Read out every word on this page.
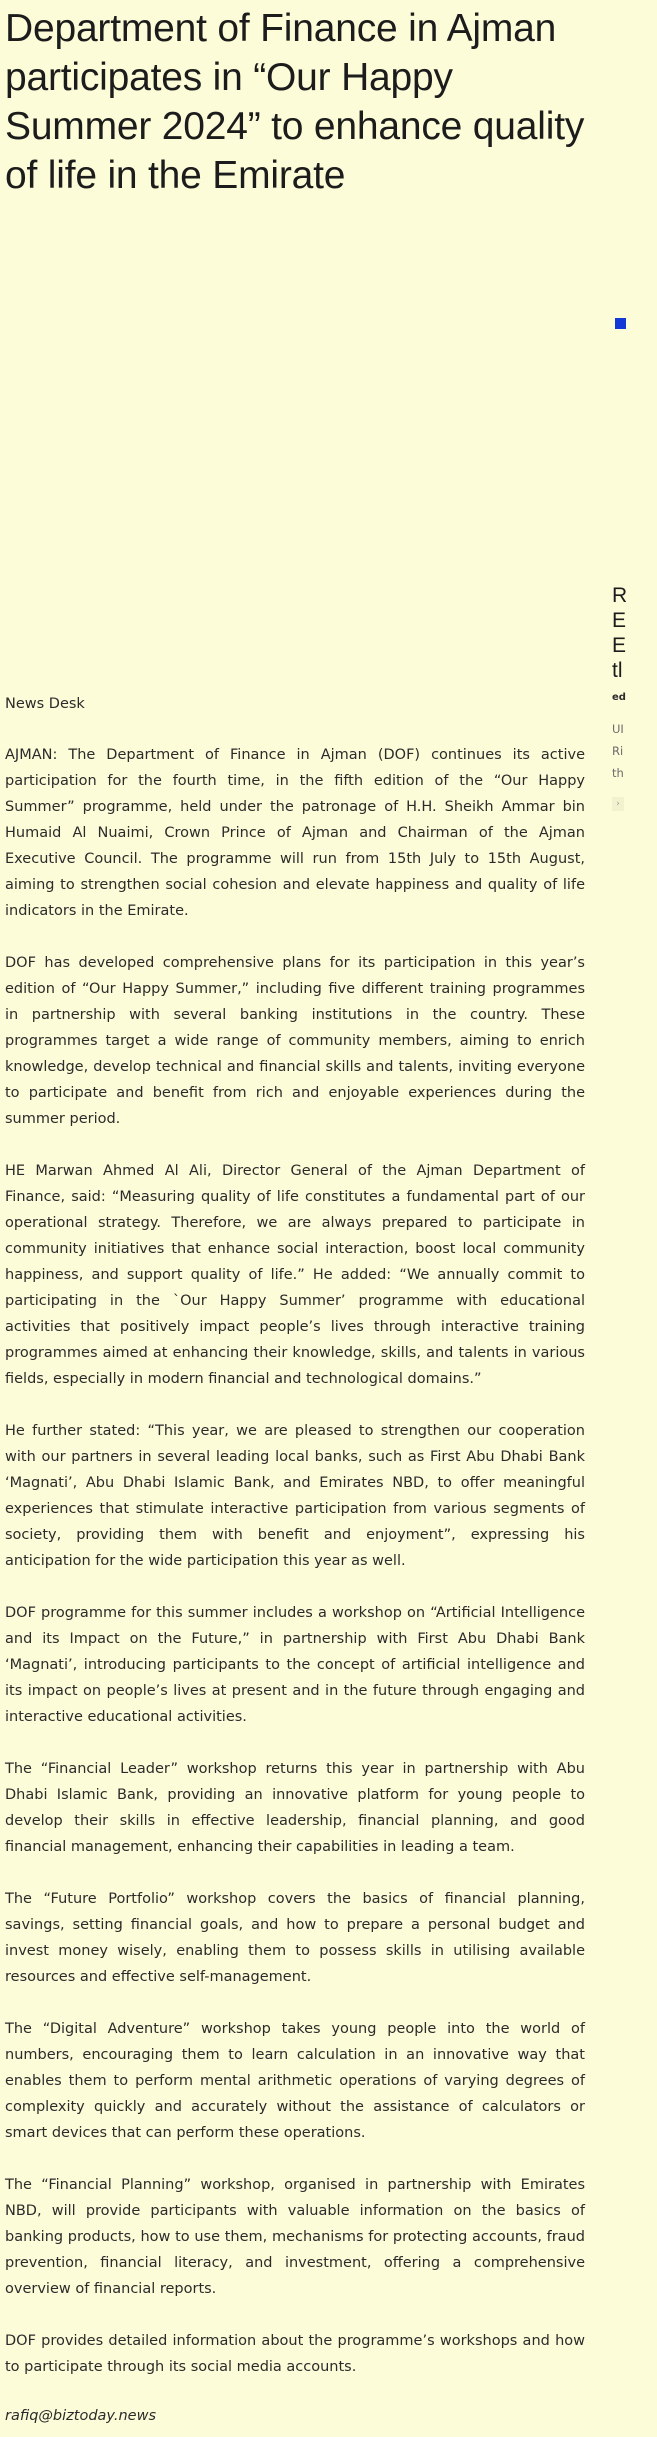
Department of Finance in Ajman participates in “Our Happy Summer 2024” to enhance quality of life in the Emirate
News Desk

AJMAN: The Department of Finance in Ajman (DOF) continues its active participation for the fourth time, in the fifth edition of the “Our Happy Summer” programme, held under the patronage of H.H. Sheikh Ammar bin Humaid Al Nuaimi, Crown Prince of Ajman and Chairman of the Ajman Executive Council. The programme will run from 15th July to 15th August, aiming to strengthen social cohesion and elevate happiness and quality of life indicators in the Emirate.

DOF has developed comprehensive plans for its participation in this year’s edition of “Our Happy Summer,” including five different training programmes in partnership with several banking institutions in the country. These programmes target a wide range of community members, aiming to enrich knowledge, develop technical and financial skills and talents, inviting everyone to participate and benefit from rich and enjoyable experiences during the summer period.

HE Marwan Ahmed Al Ali, Director General of the Ajman Department of Finance, said: “Measuring quality of life constitutes a fundamental part of our operational strategy. Therefore, we are always prepared to participate in community initiatives that enhance social interaction, boost local community happiness, and support quality of life.” He added: “We annually commit to participating in the `Our Happy Summer’ programme with educational activities that positively impact people’s lives through interactive training programmes aimed at enhancing their knowledge, skills, and talents in various fields, especially in modern financial and technological domains.”

He further stated: “This year, we are pleased to strengthen our cooperation with our partners in several leading local banks, such as First Abu Dhabi Bank ‘Magnati’, Abu Dhabi Islamic Bank, and Emirates NBD, to offer meaningful experiences that stimulate interactive participation from various segments of society, providing them with benefit and enjoyment”, expressing his anticipation for the wide participation this year as well.

DOF programme for this summer includes a workshop on “Artificial Intelligence and its Impact on the Future,” in partnership with First Abu Dhabi Bank ‘Magnati’, introducing participants to the concept of artificial intelligence and its impact on people’s lives at present and in the future through engaging and interactive educational activities.

The “Financial Leader” workshop returns this year in partnership with Abu Dhabi Islamic Bank, providing an innovative platform for young people to develop their skills in effective leadership, financial planning, and good financial management, enhancing their capabilities in leading a team.

The “Future Portfolio” workshop covers the basics of financial planning, savings, setting financial goals, and how to prepare a personal budget and invest money wisely, enabling them to possess skills in utilising available resources and effective self-management.

The “Digital Adventure” workshop takes young people into the world of numbers, encouraging them to learn calculation in an innovative way that enables them to perform mental arithmetic operations of varying degrees of complexity quickly and accurately without the assistance of calculators or smart devices that can perform these operations.

The “Financial Planning” workshop, organised in partnership with Emirates NBD, will provide participants with valuable information on the basics of banking products, how to use them, mechanisms for protecting accounts, fraud prevention, financial literacy, and investment, offering a comprehensive overview of financial reports.

DOF provides detailed information about the programme’s workshops and how to participate through its social media accounts.

rafiq@biztoday.news
R
E
E
tl
ed
UI
Ri
th
›
